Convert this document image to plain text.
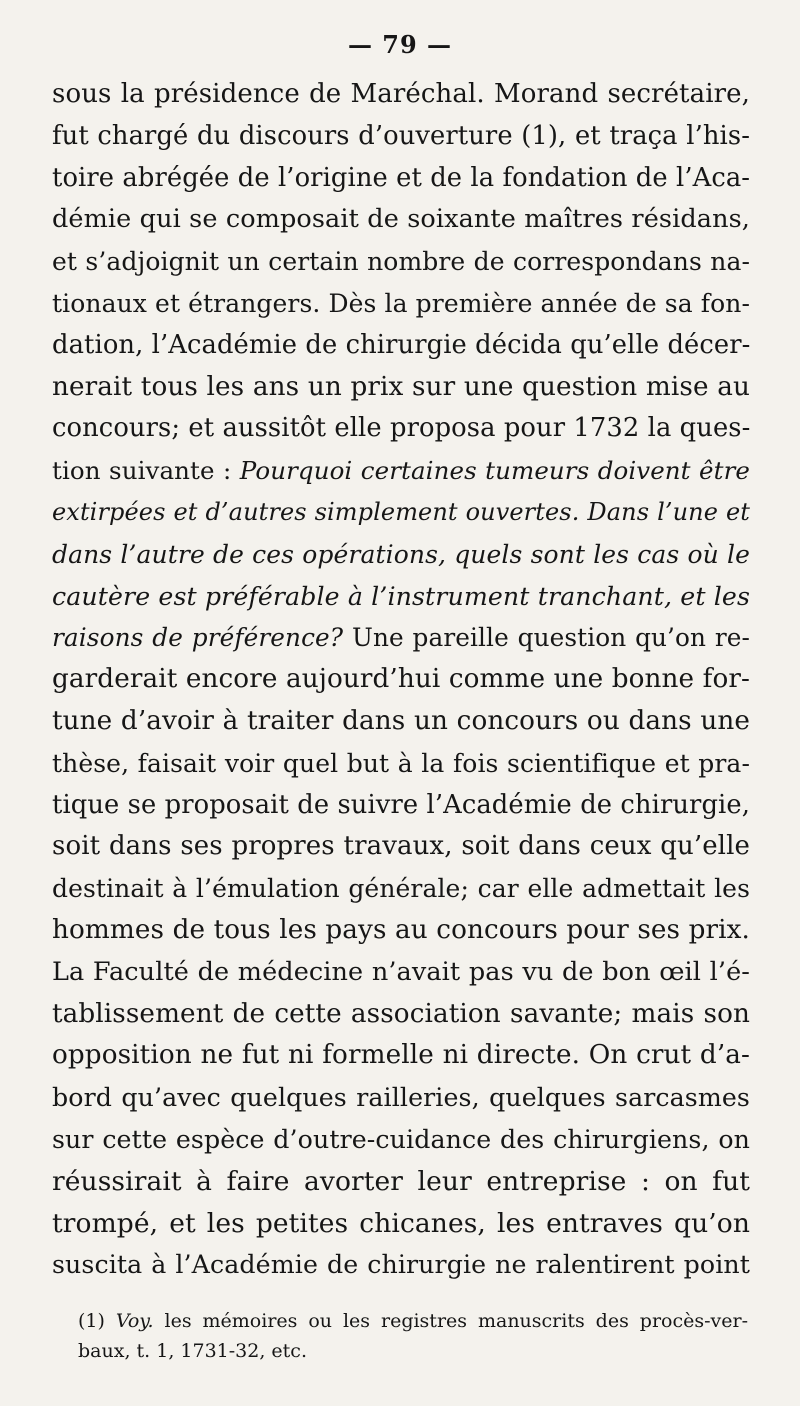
— 79 —
sous la présidence de Maréchal. Morand secrétaire,
fut chargé du discours d’ouverture (1), et traça l’his-
toire abrégée de l’origine et de la fondation de l’Aca-
démie qui se composait de soixante maîtres résidans,
et s’adjoignit un certain nombre de correspondans na-
tionaux et étrangers. Dès la première année de sa fon-
dation, l’Académie de chirurgie décida qu’elle décer-
nerait tous les ans un prix sur une question mise au
concours; et aussitôt elle proposa pour 1732 la ques-
tion suivante : Pourquoi certaines tumeurs doivent être
extirpées et d’autres simplement ouvertes. Dans l’une et
dans l’autre de ces opérations, quels sont les cas où le
cautère est préférable à l’instrument tranchant, et les
raisons de préférence? Une pareille question qu’on re-
garderait encore aujourd’hui comme une bonne for-
tune d’avoir à traiter dans un concours ou dans une
thèse, faisait voir quel but à la fois scientifique et pra-
tique se proposait de suivre l’Académie de chirurgie,
soit dans ses propres travaux, soit dans ceux qu’elle
destinait à l’émulation générale; car elle admettait les
hommes de tous les pays au concours pour ses prix.
La Faculté de médecine n’avait pas vu de bon œil l’é-
tablissement de cette association savante; mais son
opposition ne fut ni formelle ni directe. On crut d’a-
bord qu’avec quelques railleries, quelques sarcasmes
sur cette espèce d’outre-cuidance des chirurgiens, on
réussirait à faire avorter leur entreprise : on fut
trompé, et les petites chicanes, les entraves qu’on
suscita à l’Académie de chirurgie ne ralentirent point
(1) Voy. les mémoires ou les registres manuscrits des procès-ver-
baux, t. 1, 1731-32, etc.
